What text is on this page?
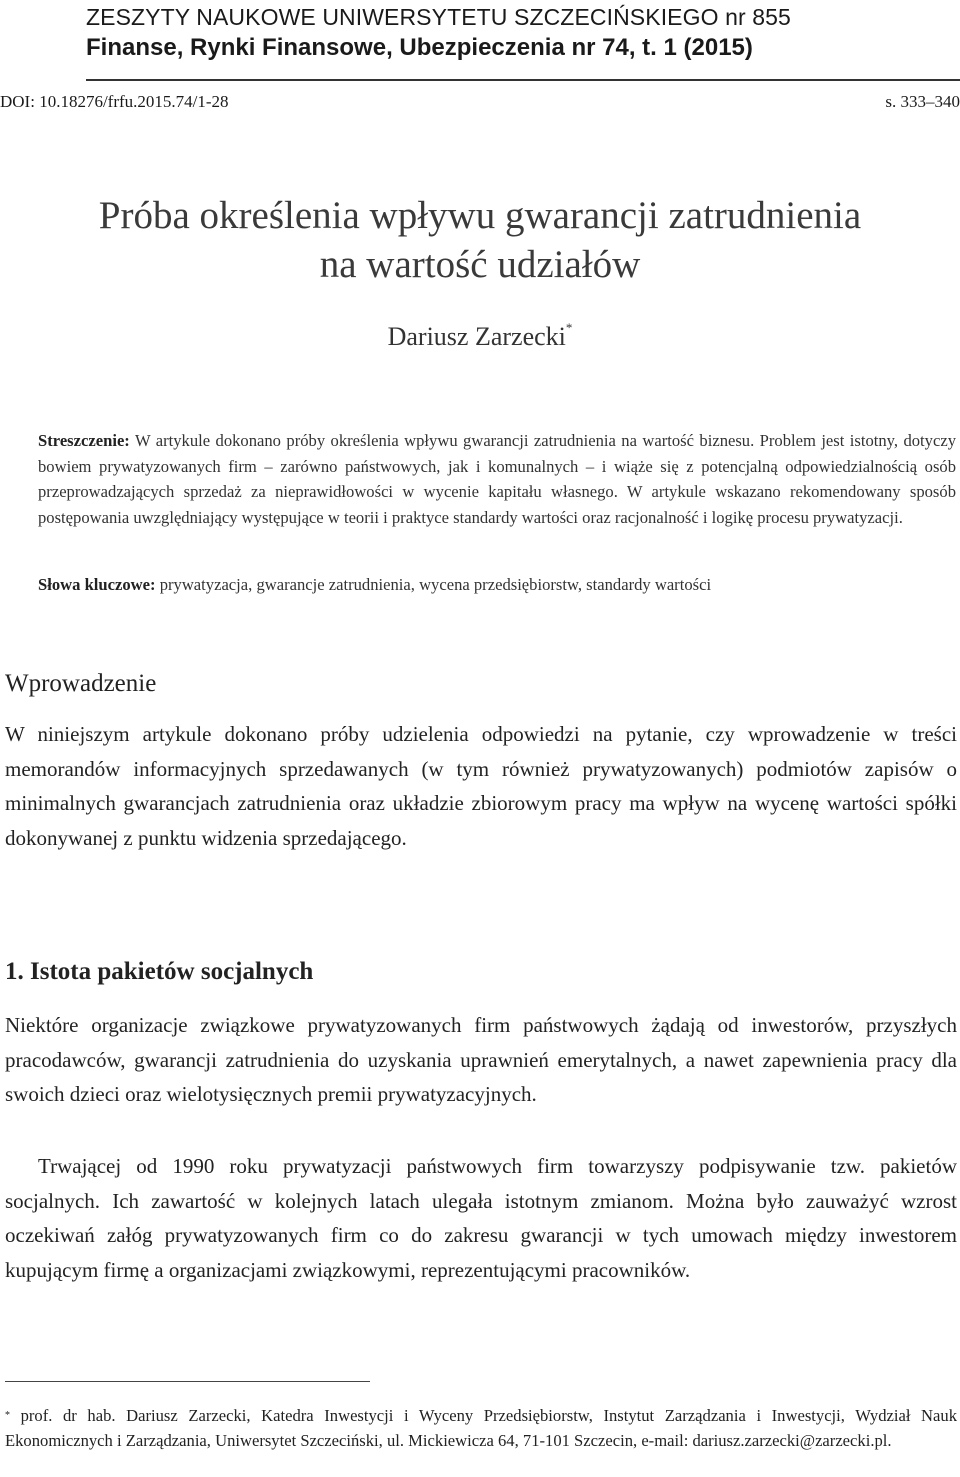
ZESZYTY NAUKOWE UNIWERSYTETU SZCZECIŃSKIEGO nr 855
Finanse, Rynki Finansowe, Ubezpieczenia nr 74, t. 1 (2015)
DOI: 10.18276/frfu.2015.74/1-28	s. 333–340
Próba określenia wpływu gwarancji zatrudnienia
na wartość udziałów
Dariusz Zarzecki*
Streszczenie: W artykule dokonano próby określenia wpływu gwarancji zatrudnienia na wartość biznesu. Problem jest istotny, dotyczy bowiem prywatyzowanych firm – zarówno państwowych, jak i komunalnych – i wiąże się z potencjalną odpowiedzialnością osób przeprowadzających sprzedaż za nieprawidłowości w wycenie kapitału własnego. W artykule wskazano rekomendowany sposób postępowania uwzględniający występujące w teorii i praktyce standardy wartości oraz racjonalność i logikę procesu prywatyzacji.
Słowa kluczowe: prywatyzacja, gwarancje zatrudnienia, wycena przedsiębiorstw, standardy wartości
Wprowadzenie
W niniejszym artykule dokonano próby udzielenia odpowiedzi na pytanie, czy wprowadzenie w treści memorandów informacyjnych sprzedawanych (w tym również prywatyzowanych) podmiotów zapisów o minimalnych gwarancjach zatrudnienia oraz układzie zbiorowym pracy ma wpływ na wycenę wartości spółki dokonywanej z punktu widzenia sprzedającego.
1. Istota pakietów socjalnych
Niektóre organizacje związkowe prywatyzowanych firm państwowych żądają od inwestorów, przyszłych pracodawców, gwarancji zatrudnienia do uzyskania uprawnień emerytalnych, a nawet zapewnienia pracy dla swoich dzieci oraz wielotysięcznych premii prywatyzacyjnych.
Trwającej od 1990 roku prywatyzacji państwowych firm towarzyszy podpisywanie tzw. pakietów socjalnych. Ich zawartość w kolejnych latach ulegała istotnym zmianom. Można było zauważyć wzrost oczekiwań załóg prywatyzowanych firm co do zakresu gwarancji w tych umowach między inwestorem kupującym firmę a organizacjami związkowymi, reprezentującymi pracowników.
* prof. dr hab. Dariusz Zarzecki, Katedra Inwestycji i Wyceny Przedsiębiorstw, Instytut Zarządzania i Inwestycji, Wydział Nauk Ekonomicznych i Zarządzania, Uniwersytet Szczeciński, ul. Mickiewicza 64, 71-101 Szczecin, e-mail: dariusz.zarzecki@zarzecki.pl.
